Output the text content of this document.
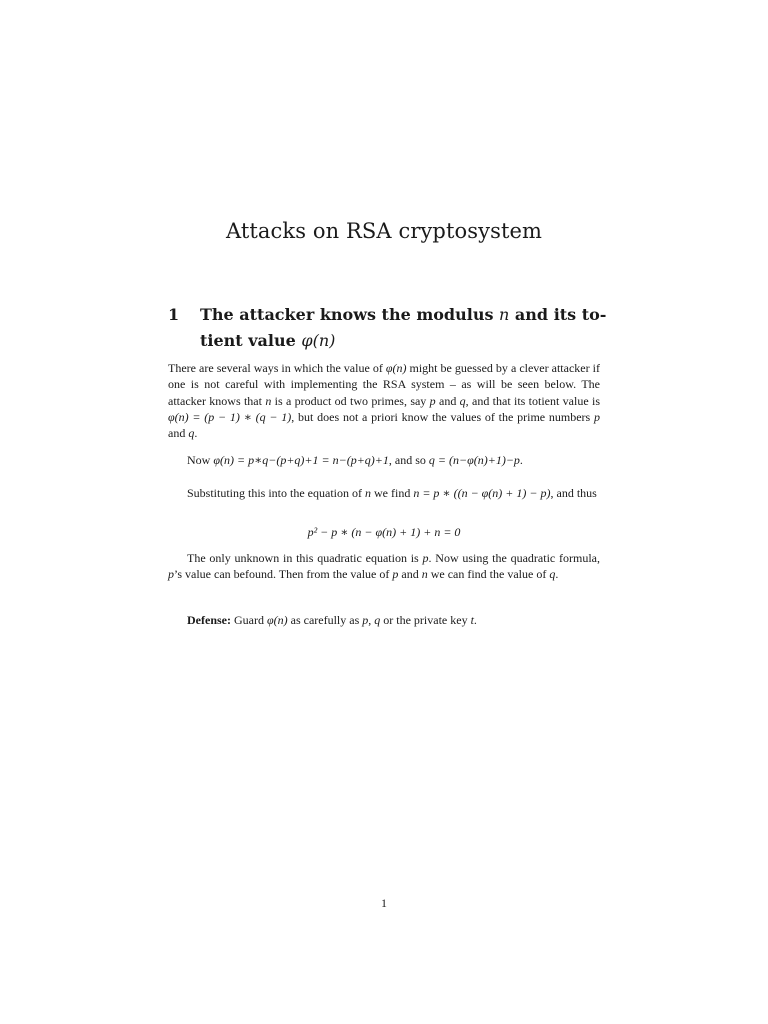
Attacks on RSA cryptosystem
1 The attacker knows the modulus n and its to-
tient value φ(n)

There are several ways in which the value of φ(n) might be guessed by a clever attacker if one is not careful with implementing the RSA system – as will be seen below. The attacker knows that n is a product od two primes, say p and q, and that its totient value is φ(n) = (p − 1) ∗ (q − 1), but does not a priori know the values of the prime numbers p and q.

Now φ(n) = p∗q−(p+q)+1 = n−(p+q)+1, and so q = (n−φ(n)+1)−p.

Substituting this into the equation of n we find n = p ∗ ((n − φ(n) + 1) − p), and thus

p² − p ∗ (n − φ(n) + 1) + n = 0

The only unknown in this quadratic equation is p. Now using the quadratic formula, p’s value can befound. Then from the value of p and n we can find the value of q.

Defense: Guard φ(n) as carefully as p, q or the private key t.

1
